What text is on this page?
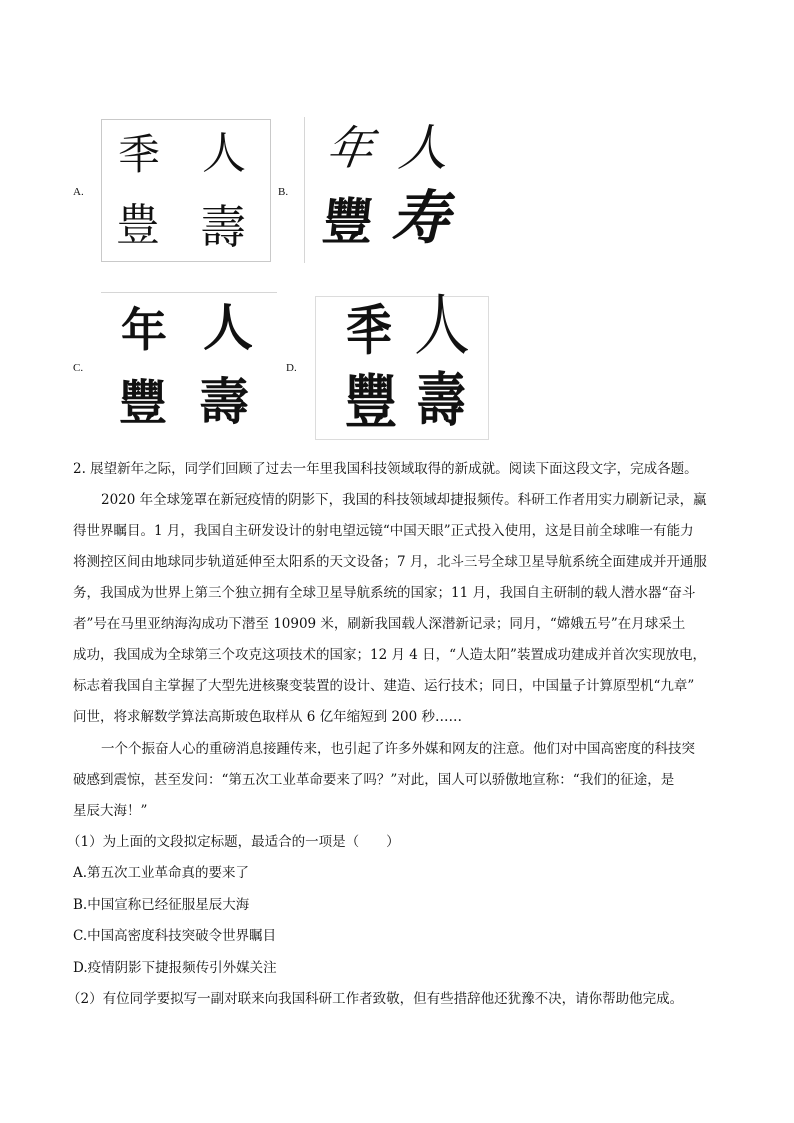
A.
秊 人
豊 壽
B.
年 人
豐 寿
C.
年 人
豐 壽
D.
秊 人
豐 壽
2. 展望新年之际，同学们回顾了过去一年里我国科技领域取得的新成就。阅读下面这段文字，完成各题。
2020 年全球笼罩在新冠疫情的阴影下，我国的科技领域却捷报频传。科研工作者用实力刷新记录，赢
得世界瞩目。1 月，我国自主研发设计的射电望远镜“中国天眼”正式投入使用，这是目前全球唯一有能力
将测控区间由地球同步轨道延伸至太阳系的天文设备；7 月，北斗三号全球卫星导航系统全面建成并开通服
务，我国成为世界上第三个独立拥有全球卫星导航系统的国家；11 月，我国自主研制的载人潜水器“奋斗
者”号在马里亚纳海沟成功下潜至 10909 米，刷新我国载人深潜新记录；同月，“嫦娥五号”在月球采土
成功，我国成为全球第三个攻克这项技术的国家；12 月 4 日，“人造太阳”装置成功建成并首次实现放电，
标志着我国自主掌握了大型先进核聚变装置的设计、建造、运行技术；同日，中国量子计算原型机“九章”
问世，将求解数学算法高斯玻色取样从 6 亿年缩短到 200 秒……
一个个振奋人心的重磅消息接踵传来，也引起了许多外媒和网友的注意。他们对中国高密度的科技突
破感到震惊，甚至发问：“第五次工业革命要来了吗？”对此，国人可以骄傲地宣称：“我们的征途，是
星辰大海！”
（1）为上面的文段拟定标题，最适合的一项是（　　）
A.第五次工业革命真的要来了
B.中国宣称已经征服星辰大海
C.中国高密度科技突破令世界瞩目
D.疫情阴影下捷报频传引外媒关注
（2）有位同学要拟写一副对联来向我国科研工作者致敬，但有些措辞他还犹豫不决，请你帮助他完成。
